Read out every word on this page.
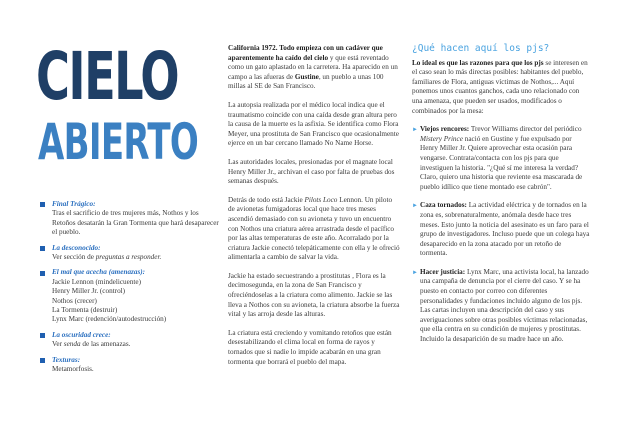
CIELO
ABIERTO
Final Trágico:
Tras el sacrificio de tres mujeres más, Nothos y los Retoños desatarán la Gran Tormenta que hará desaparecer el pueblo.
La desconocido:
Ver sección de preguntas a responder.
El mal que acecha (amenazas):
Jackie Lennon (mindelicuente)
Henry Miller Jr. (control)
Nothos (crecer)
La Tormenta (destruir)
Lynx Marc (redención/autodestrucción)
La oscuridad crece:
Ver senda de las amenazas.
Texturas:
Metamorfosis.

California 1972. Todo empieza con un cadáver que aparentemente ha caído del cielo y que está reventado como un gato aplastado en la carretera. Ha aparecido en un campo a las afueras de Gustine, un pueblo a unas 100 millas al SE de San Francisco.

La autopsia realizada por el médico local indica que el traumatismo coincide con una caída desde gran altura pero la causa de la muerte es la asfixia. Se identifica como Flora Meyer, una prostituta de San Francisco que ocasionalmente ejerce en un bar cercano llamado No Name Horse.

Las autoridades locales, presionadas por el magnate local Henry Miller Jr., archivan el caso por falta de pruebas dos semanas después.

Detrás de todo está Jackie Pilots Loco Lennon. Un piloto de avionetas fumigadoras local que hace tres meses ascendió demasiado con su avioneta y tuvo un encuentro con Nothos una criatura aérea arrastrada desde el pacífico por las altas temperaturas de este año. Acorralado por la criatura Jackie conectó telepáticamente con ella y le ofreció alimentarla a cambio de salvar la vida.

Jackie ha estado secuestrando a prostitutas , Flora es la decimosegunda, en la zona de San Francisco y ofreciéndoselas a la criatura como alimento. Jackie se las lleva a Nothos con su avioneta, la criatura absorbe la fuerza vital y las arroja desde las alturas.

La criatura está creciendo y vomitando retoños que están desestabilizando el clima local en forma de rayos y tornados que si nadie lo impide acabarán en una gran tormenta que borrará el pueblo del mapa.

¿Qué hacen aquí los pjs?

Lo ideal es que las razones para que los pjs se interesen en el caso sean lo más directas posibles: habitantes del pueblo, familiares de Flora, antiguas víctimas de Nothos,... Aquí ponemos unos cuantos ganchos, cada uno relacionado con una amenaza, que pueden ser usados, modificados o combinados por la mesa:

► Viejos rencores: Trevor Williams director del periódico Mistery Prince nació en Gustine y fue expulsado por Henry Miller Jr. Quiere aprovechar esta ocasión para vengarse. Contrata/contacta con los pjs para que investiguen la historia. "¿Qué sí me interesa la verdad? Claro, quiero una historia que reviente esa mascarada de pueblo idílico que tiene montado ese cabrón".
► Caza tornados: La actividad eléctrica y de tornados en la zona es, sobrenaturalmente, anómala desde hace tres meses. Esto junto la noticia del asesinato es un faro para el grupo de investigadores. Incluso puede que un colega haya desaparecido en la zona atacado por un retoño de tormenta.
► Hacer justicia: Lynx Marc, una activista local, ha lanzado una campaña de denuncia por el cierre del caso. Y se ha puesto en contacto por correo con diferentes personalidades y fundaciones incluido alguno de los pjs. Las cartas incluyen una descripción del caso y sus averiguaciones sobre otras posibles víctimas relacionadas, que ella centra en su condición de mujeres y prostitutas. Incluido la desaparición de su madre hace un año.
